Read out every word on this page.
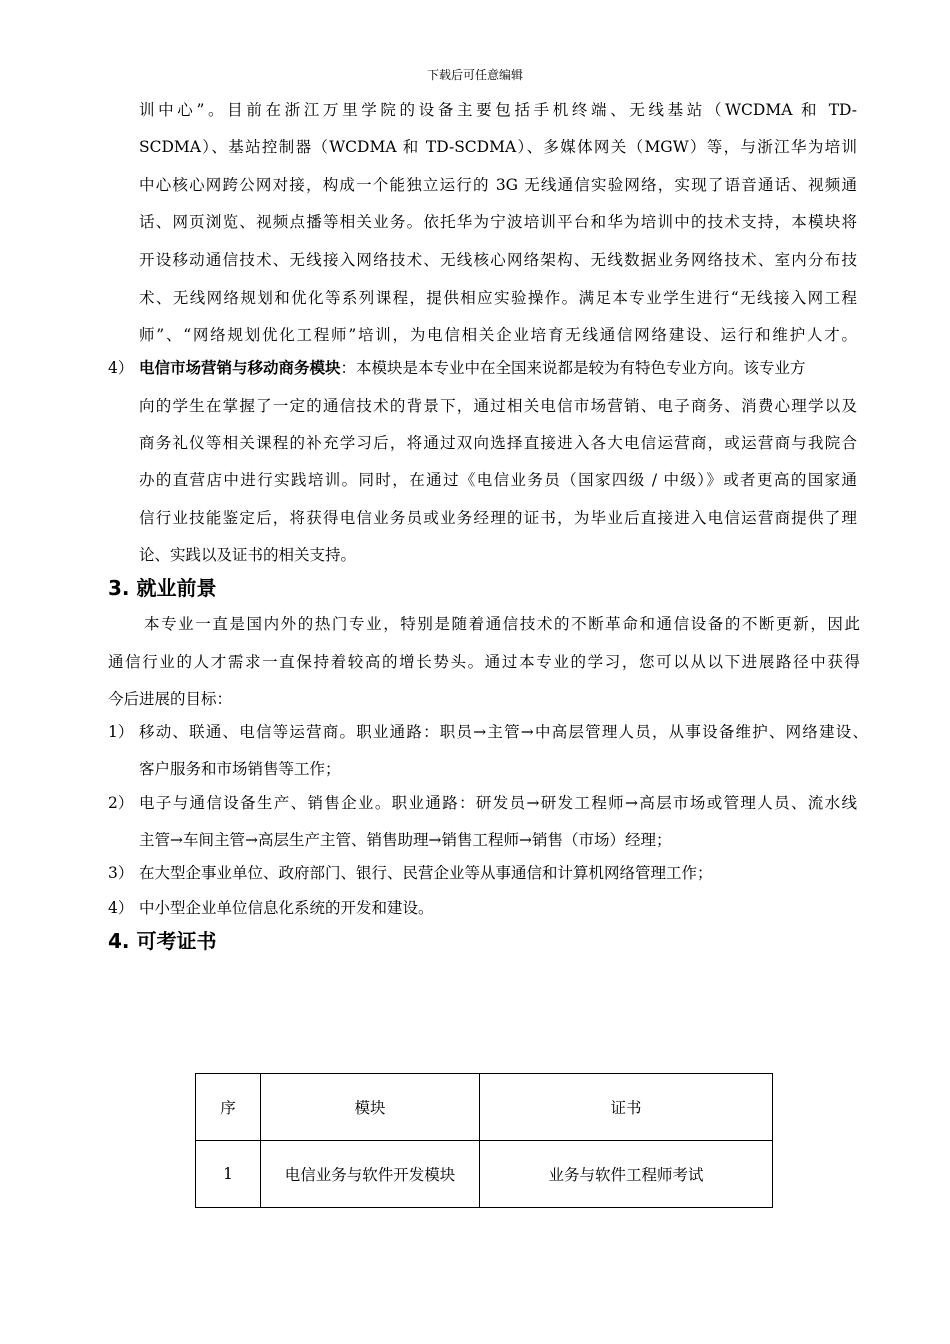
下载后可任意编辑
训中心”。目前在浙江万里学院的设备主要包括手机终端、无线基站（WCDMA 和 TD-
SCDMA）、基站控制器（WCDMA 和 TD-SCDMA）、多媒体网关（MGW）等，与浙江华为培训
中心核心网跨公网对接，构成一个能独立运行的 3G 无线通信实验网络，实现了语音通话、视频通
话、网页浏览、视频点播等相关业务。依托华为宁波培训平台和华为培训中的技术支持，本模块将
开设移动通信技术、无线接入网络技术、无线核心网络架构、无线数据业务网络技术、室内分布技
术、无线网络规划和优化等系列课程，提供相应实验操作。满足本专业学生进行“无线接入网工程
师”、“网络规划优化工程师”培训，为电信相关企业培育无线通信网络建设、运行和维护人才。
4） 电信市场营销与移动商务模块：本模块是本专业中在全国来说都是较为有特色专业方向。该专业方
向的学生在掌握了一定的通信技术的背景下，通过相关电信市场营销、电子商务、消费心理学以及
商务礼仪等相关课程的补充学习后，将通过双向选择直接进入各大电信运营商，或运营商与我院合
办的直营店中进行实践培训。同时，在通过《电信业务员（国家四级 / 中级）》或者更高的国家通
信行业技能鉴定后，将获得电信业务员或业务经理的证书，为毕业后直接进入电信运营商提供了理
论、实践以及证书的相关支持。
3. 就业前景
本专业一直是国内外的热门专业，特别是随着通信技术的不断革命和通信设备的不断更新，因此
通信行业的人才需求一直保持着较高的增长势头。通过本专业的学习，您可以从以下进展路径中获得
今后进展的目标：
1） 移动、联通、电信等运营商。职业通路：职员→主管→中高层管理人员，从事设备维护、网络建设、
客户服务和市场销售等工作；
2） 电子与通信设备生产、销售企业。职业通路：研发员→研发工程师→高层市场或管理人员、流水线
主管→车间主管→高层生产主管、销售助理→销售工程师→销售（市场）经理；
3） 在大型企事业单位、政府部门、银行、民营企业等从事通信和计算机网络管理工作；
4） 中小型企业单位信息化系统的开发和建设。
4. 可考证书
序	模块	证书
1	电信业务与软件开发模块	业务与软件工程师考试
